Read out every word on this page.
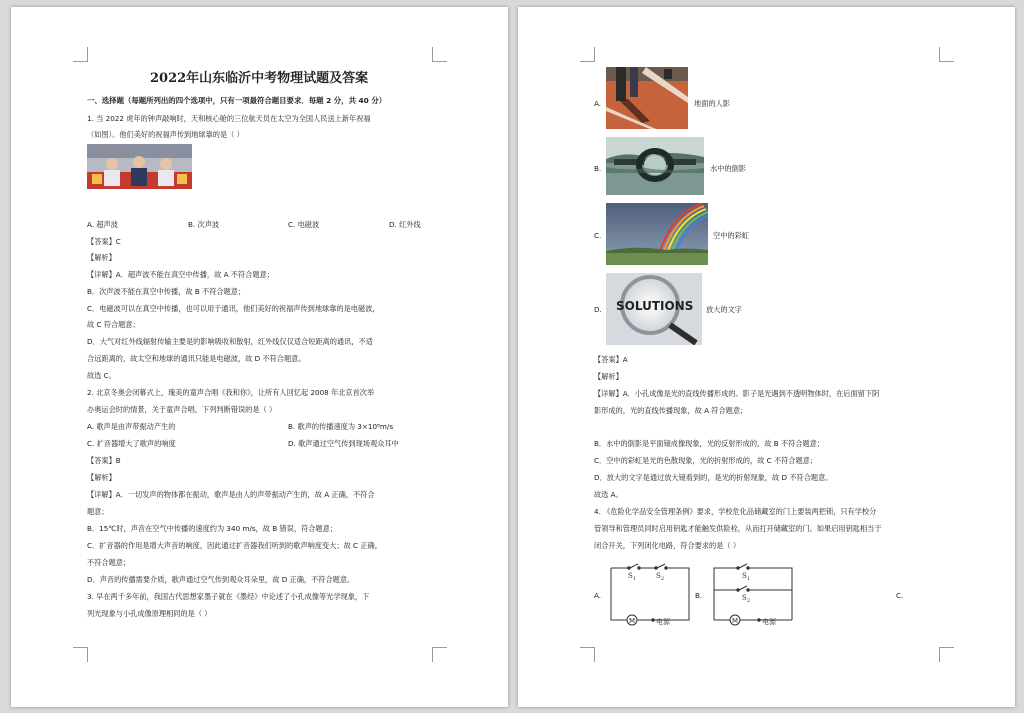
2022年山东临沂中考物理试题及答案
一、选择题（每题所列出的四个选项中，只有一项最符合题目要求．每题 2 分，共 40 分）
1. 当 2022 虎年的钟声敲响时，天和核心舱的三位航天员在太空为全国人民送上新年祝福
（如图）。他们美好的祝福声传到地球靠的是（ ）
A. 超声波	B. 次声波	C. 电磁波	D. 红外线
【答案】C
【解析】
【详解】A．超声波不能在真空中传播，故 A 不符合题意；
B．次声波不能在真空中传播，故 B 不符合题意；
C．电磁波可以在真空中传播，也可以用于通讯，他们美好的祝福声传到地球靠的是电磁波，
故 C 符合题意；
D．大气对红外线辐射传输主要是的影响吸收和散射，红外线仅仅适合短距离的通讯，不适
合远距离的，故太空和地球的通讯只能是电磁波，故 D 不符合题意。
故选 C。
2. 北京冬奥会闭幕式上，瑰美的童声合唱《我和你》，让所有人回忆起 2008 年北京首次举
办奥运会时的情景，关于童声合唱，下列判断错误的是（ ）
A. 歌声是由声带振动产生的	B. 歌声的传播速度为 3×10⁸m/s
C. 扩音器增大了歌声的响度	D. 歌声通过空气传到现场观众耳中
【答案】B
【解析】
【详解】A．一切发声的物体都在振动，歌声是由人的声带振动产生的，故 A 正确，不符合
题意；
B．15℃时，声音在空气中传播的速度约为 340 m/s，故 B 错误，符合题意；
C．扩音器的作用是增大声音的响度，因此通过扩音器我们听到的歌声响度变大；故 C 正确，
不符合题意；
D．声音的传播需要介质，歌声通过空气传到观众耳朵里，故 D 正确，不符合题意。
3. 早在两千多年前，我国古代思想家墨子就在《墨经》中论述了小孔成像等光学现象，下
列光现象与小孔成像原理相同的是（ ）
A.	地面的人影
B.	水中的倒影
C.	空中的彩虹
D. SOLUTIONS 放大的文字
【答案】A
【解析】
【详解】A．小孔成像是光的直线传播形成的。影子是光遇到不透明物体时，在后面留下阴
影形成的，光的直线传播现象，故 A 符合题意；
B．水中的倒影是平面镜成像现象，光的反射形成的，故 B 不符合题意；
C．空中的彩虹是光的色散现象，光的折射形成的，故 C 不符合题意；
D．放大的文字是通过放大镜看到的，是光的折射现象，故 D 不符合题意。
故选 A。
4. 《危险化学品安全管理条例》要求，学校危化品储藏室的门上要装两把锁，只有学校分
管领导和管理员同时启用钥匙才能触发供险栓，从而打开储藏室的门。如果启用钥匙相当于
闭合开关，下列闭化电路，符合要求的是（ ）
A.
S 1	S 2
M	电源
B.
S 1
S 2
M	电源
C.
